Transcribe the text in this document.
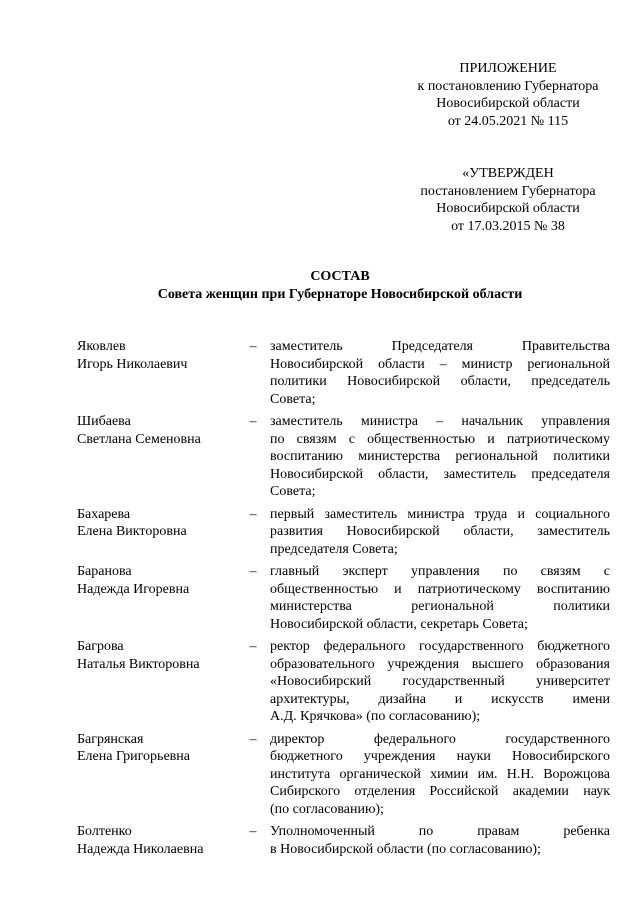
ПРИЛОЖЕНИЕ
к постановлению Губернатора
Новосибирской области
от 24.05.2021 № 115
«УТВЕРЖДЕН
постановлением Губернатора
Новосибирской области
от 17.03.2015 № 38
СОСТАВ
Совета женщин при Губернаторе Новосибирской области
Яковлев
Игорь Николаевич
– заместитель Председателя Правительства
Новосибирской области – министр региональной
политики Новосибирской области, председатель
Совета;
Шибаева
Светлана Семеновна
– заместитель министра – начальник управления
по связям с общественностью и патриотическому
воспитанию министерства региональной политики
Новосибирской области, заместитель председателя
Совета;
Бахарева
Елена Викторовна
– первый заместитель министра труда и социального
развития Новосибирской области, заместитель
председателя Совета;
Баранова
Надежда Игоревна
– главный эксперт управления по связям с
общественностью и патриотическому воспитанию
министерства региональной политики
Новосибирской области, секретарь Совета;
Багрова
Наталья Викторовна
– ректор федерального государственного бюджетного
образовательного учреждения высшего образования
«Новосибирский государственный университет
архитектуры, дизайна и искусств имени
А.Д. Крячкова» (по согласованию);
Багрянская
Елена Григорьевна
– директор федерального государственного
бюджетного учреждения науки Новосибирского
института органической химии им. Н.Н. Ворожцова
Сибирского отделения Российской академии наук
(по согласованию);
Болтенко
Надежда Николаевна
– Уполномоченный по правам ребенка
в Новосибирской области (по согласованию);
